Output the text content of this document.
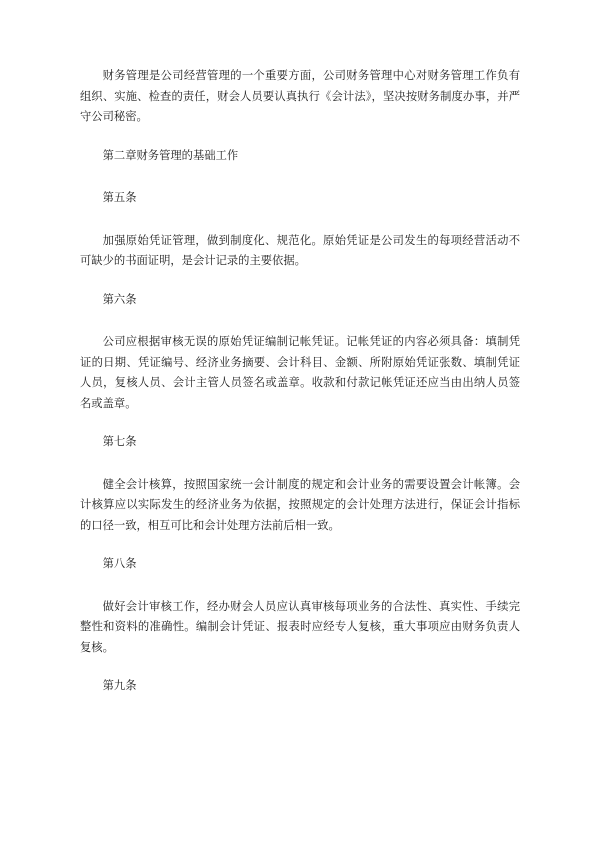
财务管理是公司经营管理的一个重要方面，公司财务管理中心对财务管理工作负有组织、实施、检查的责任，财会人员要认真执行《会计法》，坚决按财务制度办事，并严守公司秘密。

第二章财务管理的基础工作

第五条

加强原始凭证管理，做到制度化、规范化。原始凭证是公司发生的每项经营活动不可缺少的书面证明，是会计记录的主要依据。

第六条

公司应根据审核无误的原始凭证编制记帐凭证。记帐凭证的内容必须具备：填制凭证的日期、凭证编号、经济业务摘要、会计科目、金额、所附原始凭证张数、填制凭证人员，复核人员、会计主管人员签名或盖章。收款和付款记帐凭证还应当由出纳人员签名或盖章。

第七条

健全会计核算，按照国家统一会计制度的规定和会计业务的需要设置会计帐簿。会计核算应以实际发生的经济业务为依据，按照规定的会计处理方法进行，保证会计指标的口径一致，相互可比和会计处理方法前后相一致。

第八条

做好会计审核工作，经办财会人员应认真审核每项业务的合法性、真实性、手续完整性和资料的准确性。编制会计凭证、报表时应经专人复核，重大事项应由财务负责人复核。

第九条
